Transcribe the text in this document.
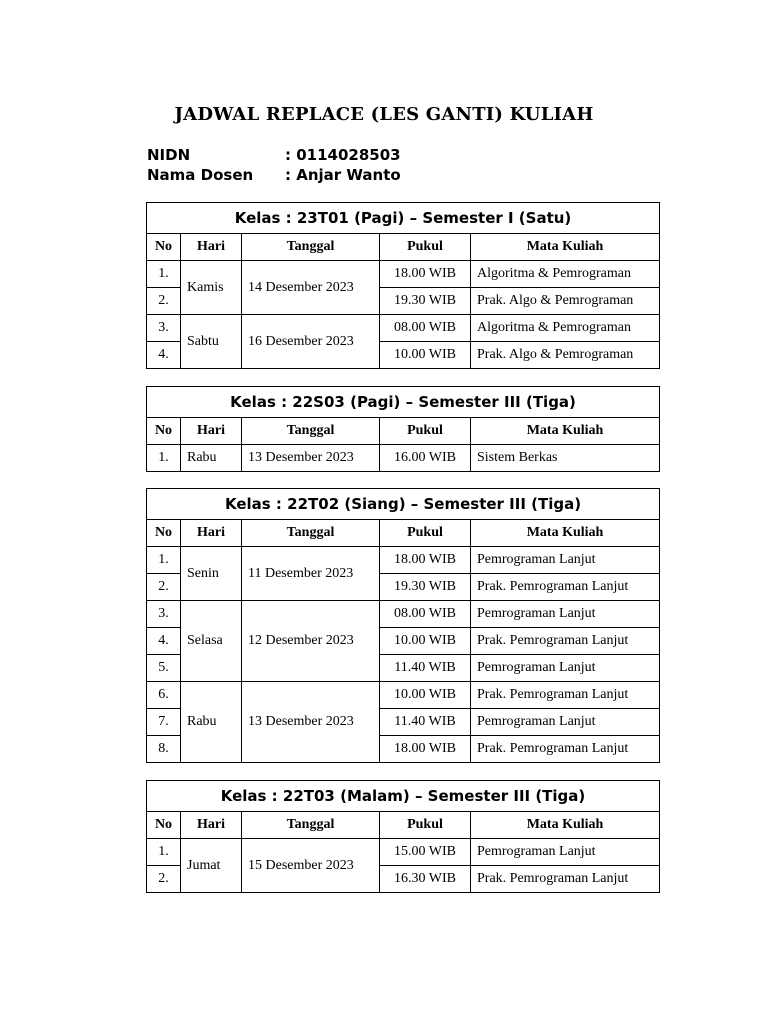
JADWAL REPLACE (LES GANTI) KULIAH
NIDN	: 0114028503
Nama Dosen	: Anjar Wanto
Kelas : 23T01 (Pagi) – Semester I (Satu)				
No	Hari	Tanggal	Pukul	Mata Kuliah
1.	Kamis	14 Desember 2023	18.00 WIB	Algoritma & Pemrograman
2.			19.30 WIB	Prak. Algo & Pemrograman
3.	Sabtu	16 Desember 2023	08.00 WIB	Algoritma & Pemrograman
4.			10.00 WIB	Prak. Algo & Pemrograman
Kelas : 22S03 (Pagi) – Semester III (Tiga)				
No	Hari	Tanggal	Pukul	Mata Kuliah
1.	Rabu	13 Desember 2023	16.00 WIB	Sistem Berkas
Kelas : 22T02 (Siang) – Semester III (Tiga)				
No	Hari	Tanggal	Pukul	Mata Kuliah
1.	Senin	11 Desember 2023	18.00 WIB	Pemrograman Lanjut
2.			19.30 WIB	Prak. Pemrograman Lanjut
3.	Selasa	12 Desember 2023	08.00 WIB	Pemrograman Lanjut
4.			10.00 WIB	Prak. Pemrograman Lanjut
5.			11.40 WIB	Pemrograman Lanjut
6.	Rabu	13 Desember 2023	10.00 WIB	Prak. Pemrograman Lanjut
7.			11.40 WIB	Pemrograman Lanjut
8.			18.00 WIB	Prak. Pemrograman Lanjut
Kelas : 22T03 (Malam) – Semester III (Tiga)				
No	Hari	Tanggal	Pukul	Mata Kuliah
1.	Jumat	15 Desember 2023	15.00 WIB	Pemrograman Lanjut
2.			16.30 WIB	Prak. Pemrograman Lanjut
